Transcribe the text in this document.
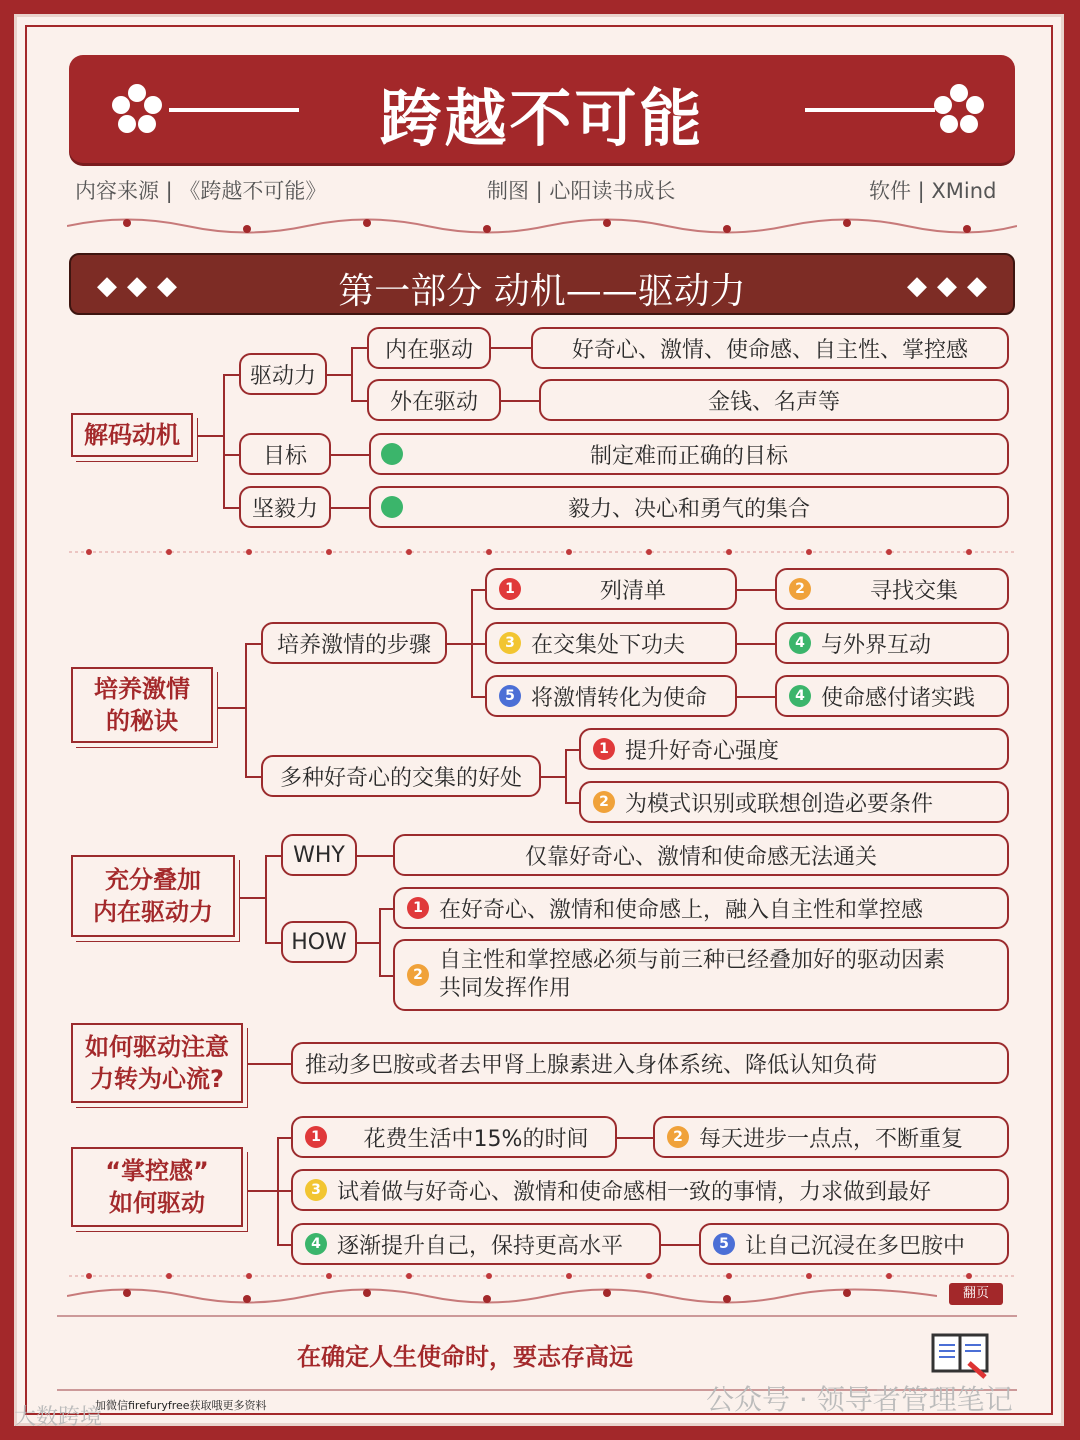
跨越不可能
内容来源 | 《跨越不可能》	制图 | 心阳读书成长	软件 | XMind
◆◆◆	第一部分 动机——驱动力	◆◆◆
解码动机
驱动力
内在驱动	好奇心、激情、使命感、自主性、掌控感
外在驱动	金钱、名声等
目标	制定难而正确的目标
坚毅力	毅力、决心和勇气的集合
培养激情
的秘诀
培养激情的步骤
1	列清单	2	寻找交集
3 在交集处下功夫	4 与外界互动
5 将激情转化为使命	4 使命感付诸实践
多种好奇心的交集的好处
1 提升好奇心强度
2 为模式识别或联想创造必要条件
充分叠加
内在驱动力
WHY	仅靠好奇心、激情和使命感无法通关
HOW
1 在好奇心、激情和使命感上，融入自主性和掌控感
2
自主性和掌控感必须与前三种已经叠加好的驱动因素
共同发挥作用
如何驱动注意
力转为心流?	推动多巴胺或者去甲肾上腺素进入身体系统、降低认知负荷
“掌控感”
如何驱动
1	花费生活中15%的时间	2 每天进步一点点，不断重复
3 试着做与好奇心、激情和使命感相一致的事情，力求做到最好
4 逐渐提升自己，保持更高水平	5 让自己沉浸在多巴胺中
翻页
在确定人生使命时，要志存高远
加微信firefuryfree获取哦更多资料
大数跨境
公众号 · 领导者管理笔记
